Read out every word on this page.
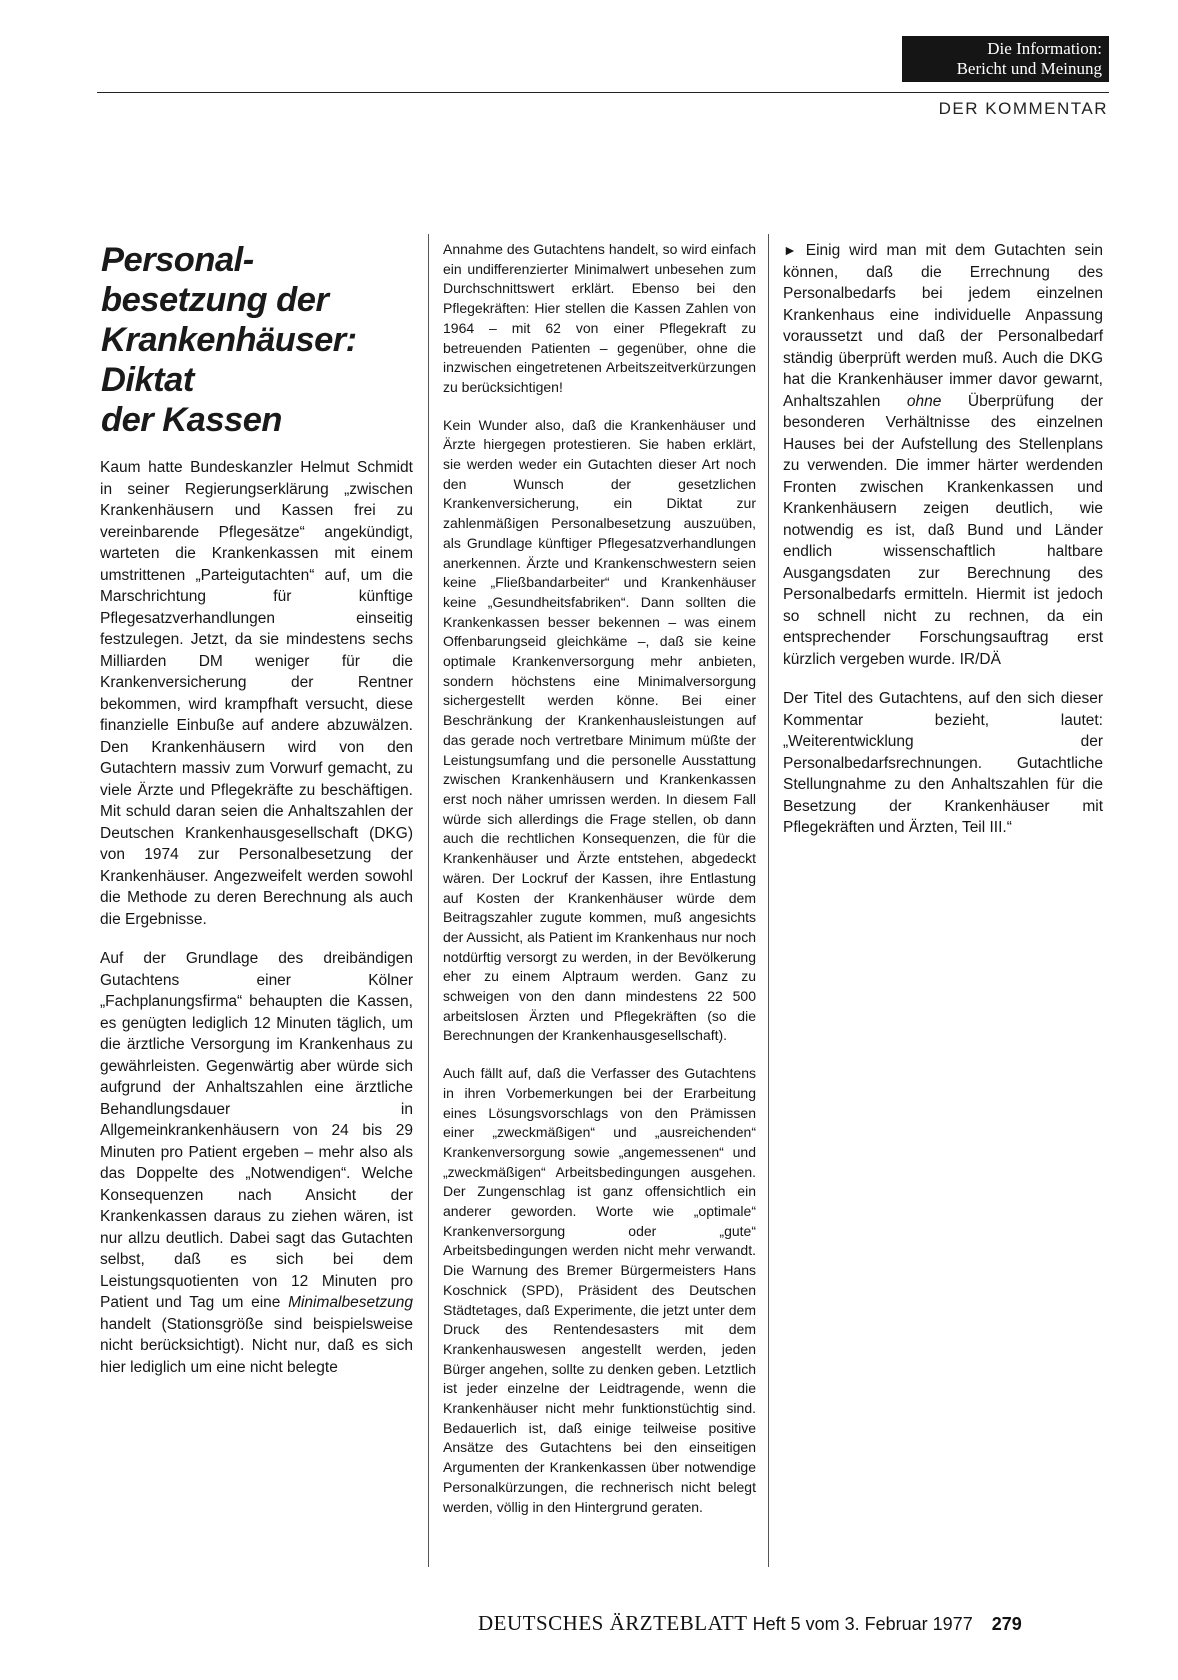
Die Information:
Bericht und Meinung
DER KOMMENTAR
Personal-
besetzung der
Krankenhäuser:
Diktat
der Kassen

Kaum hatte Bundeskanzler Helmut Schmidt in seiner Regierungserklärung „zwischen Krankenhäusern und Kassen frei zu vereinbarende Pflegesätze“ angekündigt, warteten die Krankenkassen mit einem umstrittenen „Parteigutachten“ auf, um die Marschrichtung für künftige Pflegesatzverhandlungen einseitig festzulegen. Jetzt, da sie mindestens sechs Milliarden DM weniger für die Krankenversicherung der Rentner bekommen, wird krampfhaft versucht, diese finanzielle Einbuße auf andere abzuwälzen. Den Krankenhäusern wird von den Gutachtern massiv zum Vorwurf gemacht, zu viele Ärzte und Pflegekräfte zu beschäftigen. Mit schuld daran seien die Anhaltszahlen der Deutschen Krankenhausgesellschaft (DKG) von 1974 zur Personalbesetzung der Krankenhäuser. Angezweifelt werden sowohl die Methode zu deren Berechnung als auch die Ergebnisse.

Auf der Grundlage des dreibändigen Gutachtens einer Kölner „Fachplanungsfirma“ behaupten die Kassen, es genügten lediglich 12 Minuten täglich, um die ärztliche Versorgung im Krankenhaus zu gewährleisten. Gegenwärtig aber würde sich aufgrund der Anhaltszahlen eine ärztliche Behandlungsdauer in Allgemeinkrankenhäusern von 24 bis 29 Minuten pro Patient ergeben – mehr also als das Doppelte des „Notwendigen“. Welche Konsequenzen nach Ansicht der Krankenkassen daraus zu ziehen wären, ist nur allzu deutlich. Dabei sagt das Gutachten selbst, daß es sich bei dem Leistungsquotienten von 12 Minuten pro Patient und Tag um eine Minimalbesetzung handelt (Stationsgröße sind beispielsweise nicht berücksichtigt). Nicht nur, daß es sich hier lediglich um eine nicht belegte

Annahme des Gutachtens handelt, so wird einfach ein undifferenzierter Minimalwert unbesehen zum Durchschnittswert erklärt. Ebenso bei den Pflegekräften: Hier stellen die Kassen Zahlen von 1964 – mit 62 von einer Pflegekraft zu betreuenden Patienten – gegenüber, ohne die inzwischen eingetretenen Arbeitszeitverkürzungen zu berücksichtigen!

Kein Wunder also, daß die Krankenhäuser und Ärzte hiergegen protestieren. Sie haben erklärt, sie werden weder ein Gutachten dieser Art noch den Wunsch der gesetzlichen Krankenversicherung, ein Diktat zur zahlenmäßigen Personalbesetzung auszuüben, als Grundlage künftiger Pflegesatzverhandlungen anerkennen. Ärzte und Krankenschwestern seien keine „Fließbandarbeiter“ und Krankenhäuser keine „Gesundheitsfabriken“. Dann sollten die Krankenkassen besser bekennen – was einem Offenbarungseid gleichkäme –, daß sie keine optimale Krankenversorgung mehr anbieten, sondern höchstens eine Minimalversorgung sichergestellt werden könne. Bei einer Beschränkung der Krankenhausleistungen auf das gerade noch vertretbare Minimum müßte der Leistungsumfang und die personelle Ausstattung zwischen Krankenhäusern und Krankenkassen erst noch näher umrissen werden. In diesem Fall würde sich allerdings die Frage stellen, ob dann auch die rechtlichen Konsequenzen, die für die Krankenhäuser und Ärzte entstehen, abgedeckt wären. Der Lockruf der Kassen, ihre Entlastung auf Kosten der Krankenhäuser würde dem Beitragszahler zugute kommen, muß angesichts der Aussicht, als Patient im Krankenhaus nur noch notdürftig versorgt zu werden, in der Bevölkerung eher zu einem Alptraum werden. Ganz zu schweigen von den dann mindestens 22 500 arbeitslosen Ärzten und Pflegekräften (so die Berechnungen der Krankenhausgesellschaft).

Auch fällt auf, daß die Verfasser des Gutachtens in ihren Vorbemerkungen bei der Erarbeitung eines Lösungsvorschlags von den Prämissen einer „zweckmäßigen“ und „ausreichenden“ Krankenversorgung sowie „angemessenen“ und „zweckmäßigen“ Arbeitsbedingungen ausgehen. Der Zungenschlag ist ganz offensichtlich ein anderer geworden. Worte wie „optimale“ Krankenversorgung oder „gute“ Arbeitsbedingungen werden nicht mehr verwandt. Die Warnung des Bremer Bürgermeisters Hans Koschnick (SPD), Präsident des Deutschen Städtetages, daß Experimente, die jetzt unter dem Druck des Rentendesasters mit dem Krankenhauswesen angestellt werden, jeden Bürger angehen, sollte zu denken geben. Letztlich ist jeder einzelne der Leidtragende, wenn die Krankenhäuser nicht mehr funktionstüchtig sind. Bedauerlich ist, daß einige teilweise positive Ansätze des Gutachtens bei den einseitigen Argumenten der Krankenkassen über notwendige Personalkürzungen, die rechnerisch nicht belegt werden, völlig in den Hintergrund geraten.

► Einig wird man mit dem Gutachten sein können, daß die Errechnung des Personalbedarfs bei jedem einzelnen Krankenhaus eine individuelle Anpassung voraussetzt und daß der Personalbedarf ständig überprüft werden muß. Auch die DKG hat die Krankenhäuser immer davor gewarnt, Anhaltszahlen ohne Überprüfung der besonderen Verhältnisse des einzelnen Hauses bei der Aufstellung des Stellenplans zu verwenden. Die immer härter werdenden Fronten zwischen Krankenkassen und Krankenhäusern zeigen deutlich, wie notwendig es ist, daß Bund und Länder endlich wissenschaftlich haltbare Ausgangsdaten zur Berechnung des Personalbedarfs ermitteln. Hiermit ist jedoch so schnell nicht zu rechnen, da ein entsprechender Forschungsauftrag erst kürzlich vergeben wurde. IR/DÄ

Der Titel des Gutachtens, auf den sich dieser Kommentar bezieht, lautet: „Weiterentwicklung der Personalbedarfsrechnungen. Gutachtliche Stellungnahme zu den Anhaltszahlen für die Besetzung der Krankenhäuser mit Pflegekräften und Ärzten, Teil III.“

DEUTSCHES ÄRZTEBLATT Heft 5 vom 3. Februar 1977 279
